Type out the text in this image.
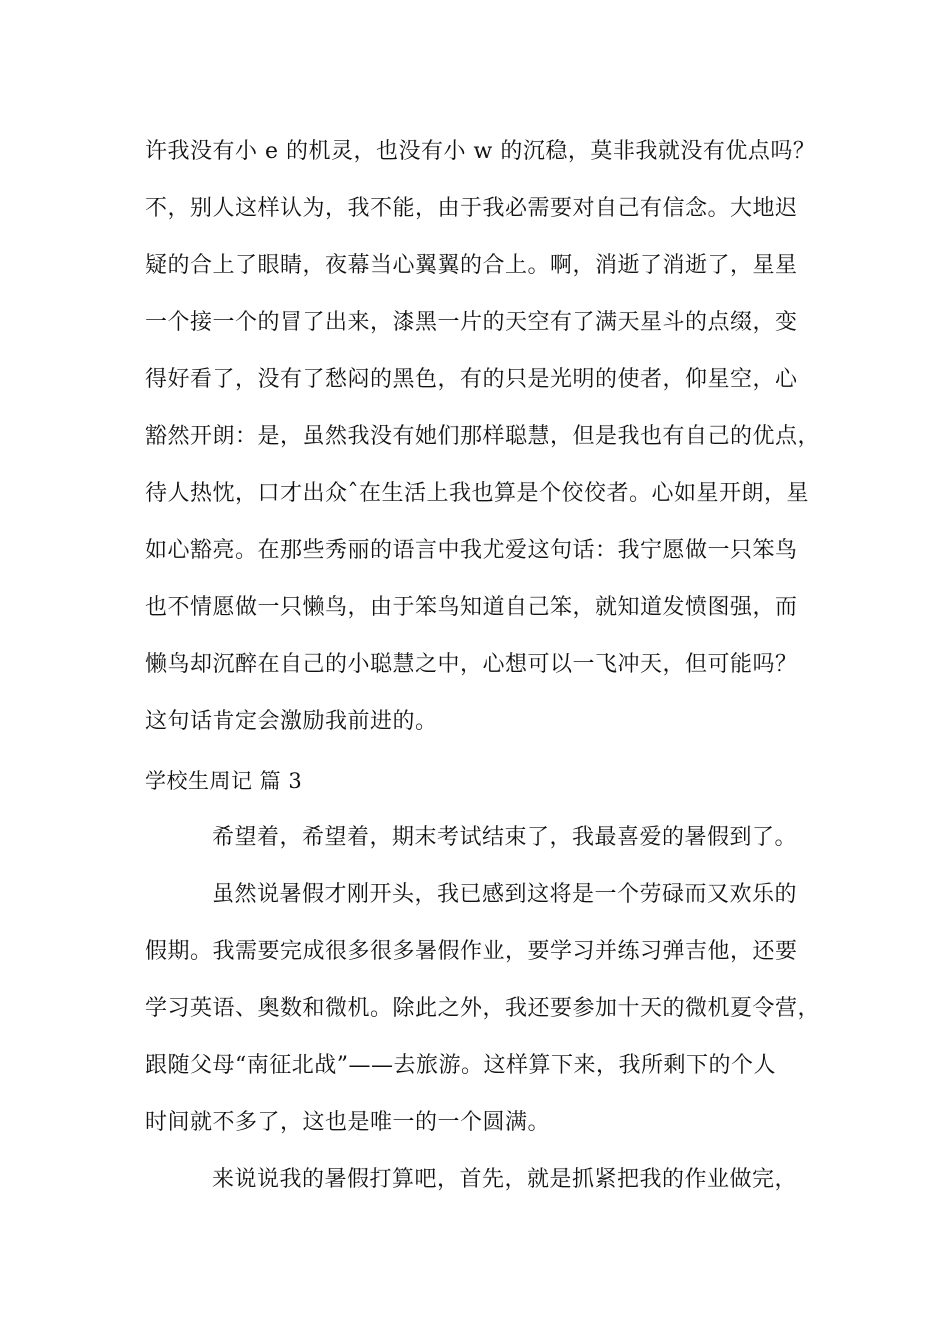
许我没有小 e 的机灵，也没有小 w 的沉稳，莫非我就没有优点吗？
不，别人这样认为，我不能，由于我必需要对自己有信念。大地迟
疑的合上了眼睛，夜幕当心翼翼的合上。啊，消逝了消逝了，星星
一个接一个的冒了出来，漆黑一片的天空有了满天星斗的点缀，变
得好看了，没有了愁闷的黑色，有的只是光明的使者，仰星空，心
豁然开朗：是，虽然我没有她们那样聪慧，但是我也有自己的优点，
待人热忱，口才出众ˆ在生活上我也算是个佼佼者。心如星开朗，星
如心豁亮。在那些秀丽的语言中我尤爱这句话：我宁愿做一只笨鸟
也不情愿做一只懒鸟，由于笨鸟知道自己笨，就知道发愤图强，而
懒鸟却沉醉在自己的小聪慧之中，心想可以一飞冲天，但可能吗？
这句话肯定会激励我前进的。
学校生周记 篇 3
希望着，希望着，期末考试结束了，我最喜爱的暑假到了。
虽然说暑假才刚开头，我已感到这将是一个劳碌而又欢乐的
假期。我需要完成很多很多暑假作业，要学习并练习弹吉他，还要
学习英语、奥数和微机。除此之外，我还要参加十天的微机夏令营，
跟随父母“南征北战”——去旅游。这样算下来，我所剩下的个人
时间就不多了，这也是唯一的一个圆满。
来说说我的暑假打算吧，首先，就是抓紧把我的作业做完，
